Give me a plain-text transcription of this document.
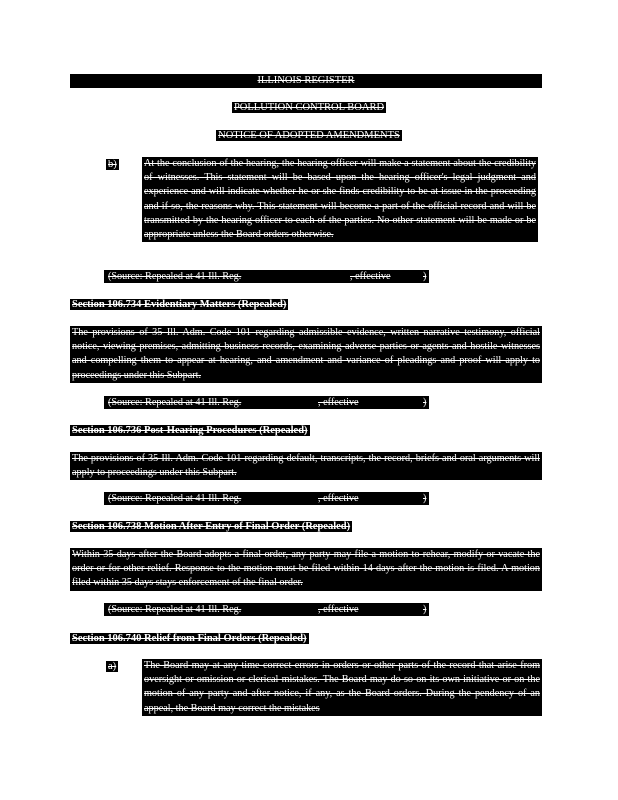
ILLINOIS REGISTER
POLLUTION CONTROL BOARD
NOTICE OF ADOPTED AMENDMENTS
b)	At the conclusion of the hearing, the hearing officer will make a statement about the credibility of witnesses. This statement will be based upon the hearing officer's legal judgment and experience and will indicate whether he or she finds credibility to be at issue in the proceeding and if so, the reasons why. This statement will become a part of the official record and will be transmitted by the hearing officer to each of the parties. No other statement will be made or be appropriate unless the Board orders otherwise.
(Source: Repealed at 41 Ill. Reg.	, effective	)
Section 106.734 Evidentiary Matters (Repealed)
The provisions of 35 Ill. Adm. Code 101 regarding admissible evidence, written narrative testimony, official notice, viewing premises, admitting business records, examining adverse parties or agents and hostile witnesses and compelling them to appear at hearing, and amendment and variance of pleadings and proof will apply to proceedings under this Subpart.
(Source: Repealed at 41 Ill. Reg.	, effective	)
Section 106.736 Post-Hearing Procedures (Repealed)
The provisions of 35 Ill. Adm. Code 101 regarding default, transcripts, the record, briefs and oral arguments will apply to proceedings under this Subpart.
(Source: Repealed at 41 Ill. Reg.	, effective	)
Section 106.738 Motion After Entry of Final Order (Repealed)
Within 35 days after the Board adopts a final order, any party may file a motion to rehear, modify or vacate the order or for other relief. Response to the motion must be filed within 14 days after the motion is filed. A motion filed within 35 days stays enforcement of the final order.
(Source: Repealed at 41 Ill. Reg.	, effective	)
Section 106.740 Relief from Final Orders (Repealed)
a)	The Board may at any time correct errors in orders or other parts of the record that arise from oversight or omission or clerical mistakes. The Board may do so on its own initiative or on the motion of any party and after notice, if any, as the Board orders. During the pendency of an appeal, the Board may correct the mistakes
